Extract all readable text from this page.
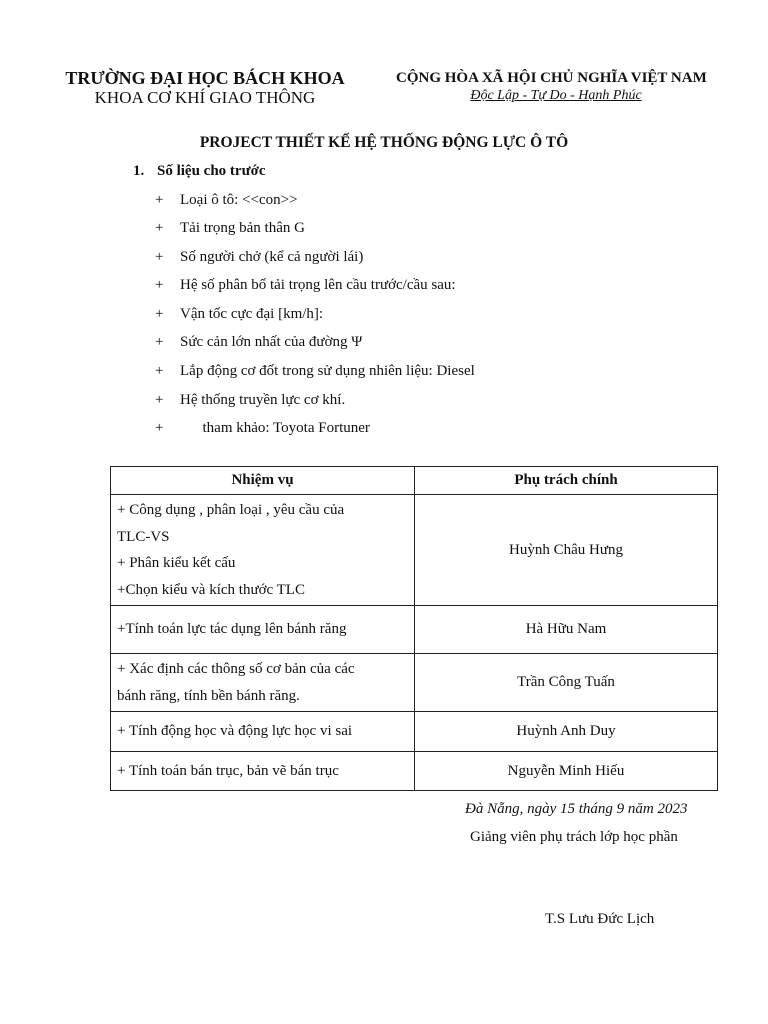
TRƯỜNG ĐẠI HỌC BÁCH KHOA
KHOA CƠ KHÍ GIAO THÔNG
CỘNG HÒA XÃ HỘI CHỦ NGHĨA VIỆT NAM
Độc Lập - Tự Do - Hạnh Phúc
PROJECT THIẾT KẾ HỆ THỐNG ĐỘNG LỰC Ô TÔ
1. Số liệu cho trước
+ Loại ô tô: <<con>>
+ Tải trọng bản thân G
+ Số người chở (kể cả người lái)
+ Hệ số phân bố tải trọng lên cầu trước/cầu sau:
+ Vận tốc cực đại [km/h]:
+ Sức cản lớn nhất của đường Ψ
+ Lắp động cơ đốt trong sử dụng nhiên liệu: Diesel
+ Hệ thống truyền lực cơ khí.
+ tham khảo: Toyota Fortuner
Nhiệm vụ	Phụ trách chính

+ Công dụng , phân loại , yêu cầu của
TLC-VS
+ Phân kiểu kết cấu
+Chọn kiểu và kích thước TLC	Huỳnh Châu Hưng

+Tính toán lực tác dụng lên bánh răng	Hà Hữu Nam

+ Xác định các thông số cơ bản của các
bánh răng, tính bền bánh răng.	Trần Công Tuấn

+ Tính động học và động lực học vi sai	Huỳnh Anh Duy

+ Tính toán bán trục, bản vẽ bán trục	Nguyễn Minh Hiếu
Đà Nẵng, ngày 15 tháng 9 năm 2023
Giảng viên phụ trách lớp học phần
T.S Lưu Đức Lịch
